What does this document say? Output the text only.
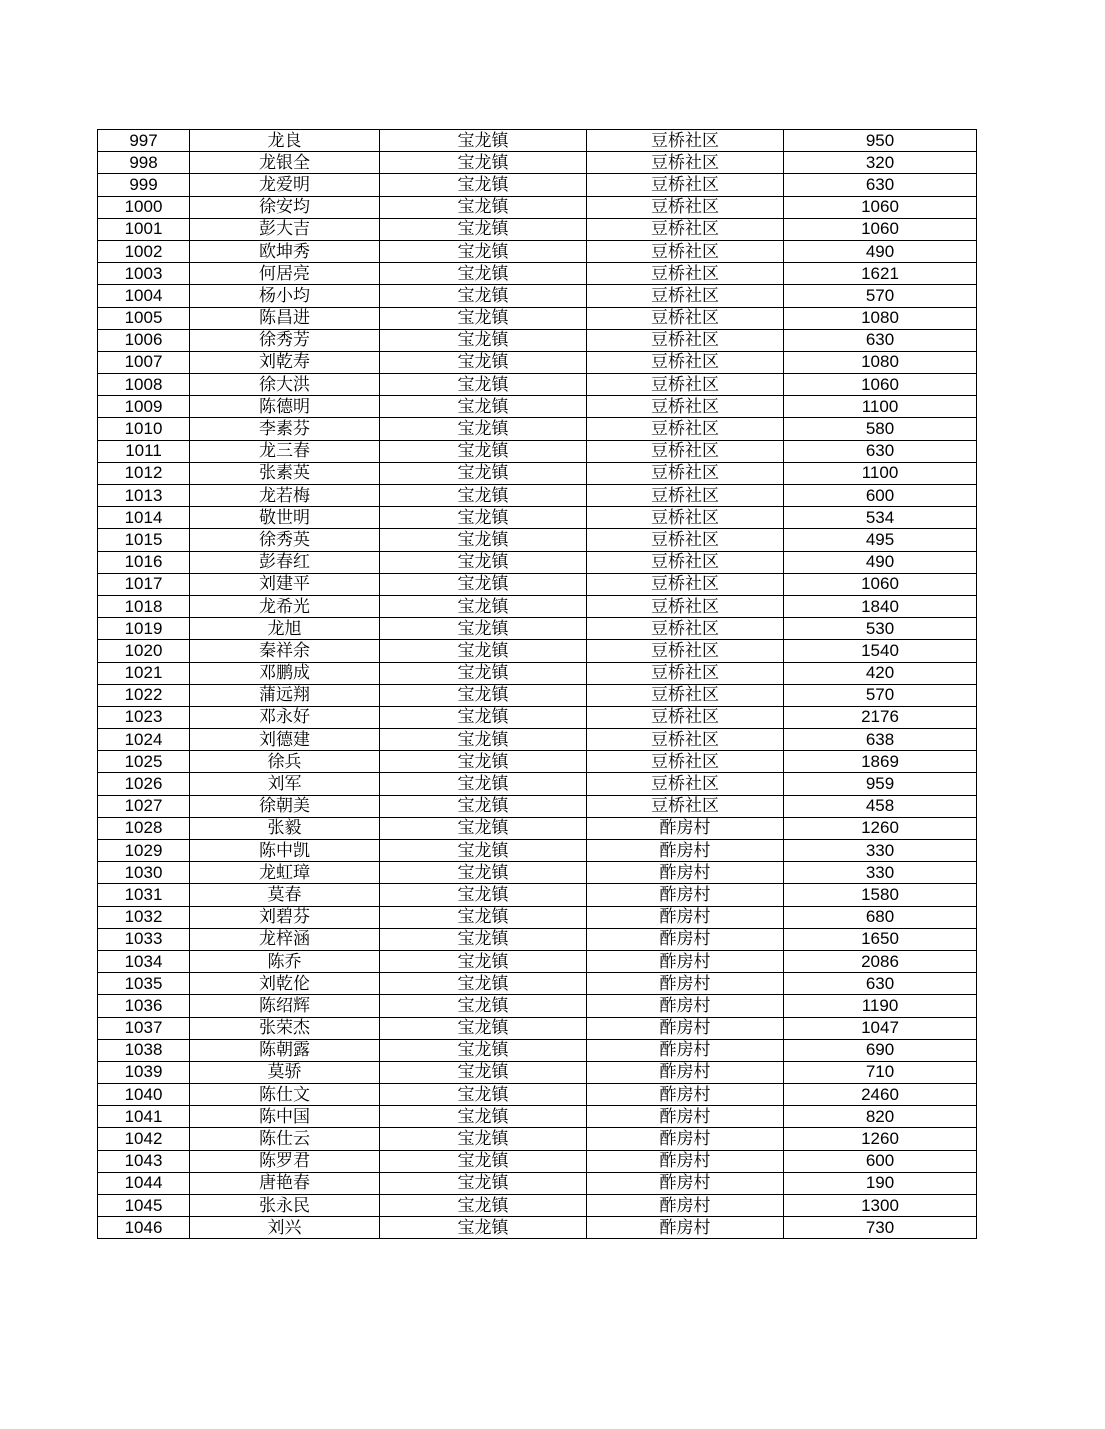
997	龙良	宝龙镇	豆桥社区	950
998	龙银全	宝龙镇	豆桥社区	320
999	龙爱明	宝龙镇	豆桥社区	630
1000	徐安均	宝龙镇	豆桥社区	1060
1001	彭大吉	宝龙镇	豆桥社区	1060
1002	欧坤秀	宝龙镇	豆桥社区	490
1003	何居亮	宝龙镇	豆桥社区	1621
1004	杨小均	宝龙镇	豆桥社区	570
1005	陈昌进	宝龙镇	豆桥社区	1080
1006	徐秀芳	宝龙镇	豆桥社区	630
1007	刘乾寿	宝龙镇	豆桥社区	1080
1008	徐大洪	宝龙镇	豆桥社区	1060
1009	陈德明	宝龙镇	豆桥社区	1100
1010	李素芬	宝龙镇	豆桥社区	580
1011	龙三春	宝龙镇	豆桥社区	630
1012	张素英	宝龙镇	豆桥社区	1100
1013	龙若梅	宝龙镇	豆桥社区	600
1014	敬世明	宝龙镇	豆桥社区	534
1015	徐秀英	宝龙镇	豆桥社区	495
1016	彭春红	宝龙镇	豆桥社区	490
1017	刘建平	宝龙镇	豆桥社区	1060
1018	龙希光	宝龙镇	豆桥社区	1840
1019	龙旭	宝龙镇	豆桥社区	530
1020	秦祥余	宝龙镇	豆桥社区	1540
1021	邓鹏成	宝龙镇	豆桥社区	420
1022	蒲远翔	宝龙镇	豆桥社区	570
1023	邓永好	宝龙镇	豆桥社区	2176
1024	刘德建	宝龙镇	豆桥社区	638
1025	徐兵	宝龙镇	豆桥社区	1869
1026	刘军	宝龙镇	豆桥社区	959
1027	徐朝美	宝龙镇	豆桥社区	458
1028	张毅	宝龙镇	酢房村	1260
1029	陈中凯	宝龙镇	酢房村	330
1030	龙虹璋	宝龙镇	酢房村	330
1031	莫春	宝龙镇	酢房村	1580
1032	刘碧芬	宝龙镇	酢房村	680
1033	龙梓涵	宝龙镇	酢房村	1650
1034	陈乔	宝龙镇	酢房村	2086
1035	刘乾伦	宝龙镇	酢房村	630
1036	陈绍辉	宝龙镇	酢房村	1190
1037	张荣杰	宝龙镇	酢房村	1047
1038	陈朝露	宝龙镇	酢房村	690
1039	莫骄	宝龙镇	酢房村	710
1040	陈仕文	宝龙镇	酢房村	2460
1041	陈中国	宝龙镇	酢房村	820
1042	陈仕云	宝龙镇	酢房村	1260
1043	陈罗君	宝龙镇	酢房村	600
1044	唐艳春	宝龙镇	酢房村	190
1045	张永民	宝龙镇	酢房村	1300
1046	刘兴	宝龙镇	酢房村	730
